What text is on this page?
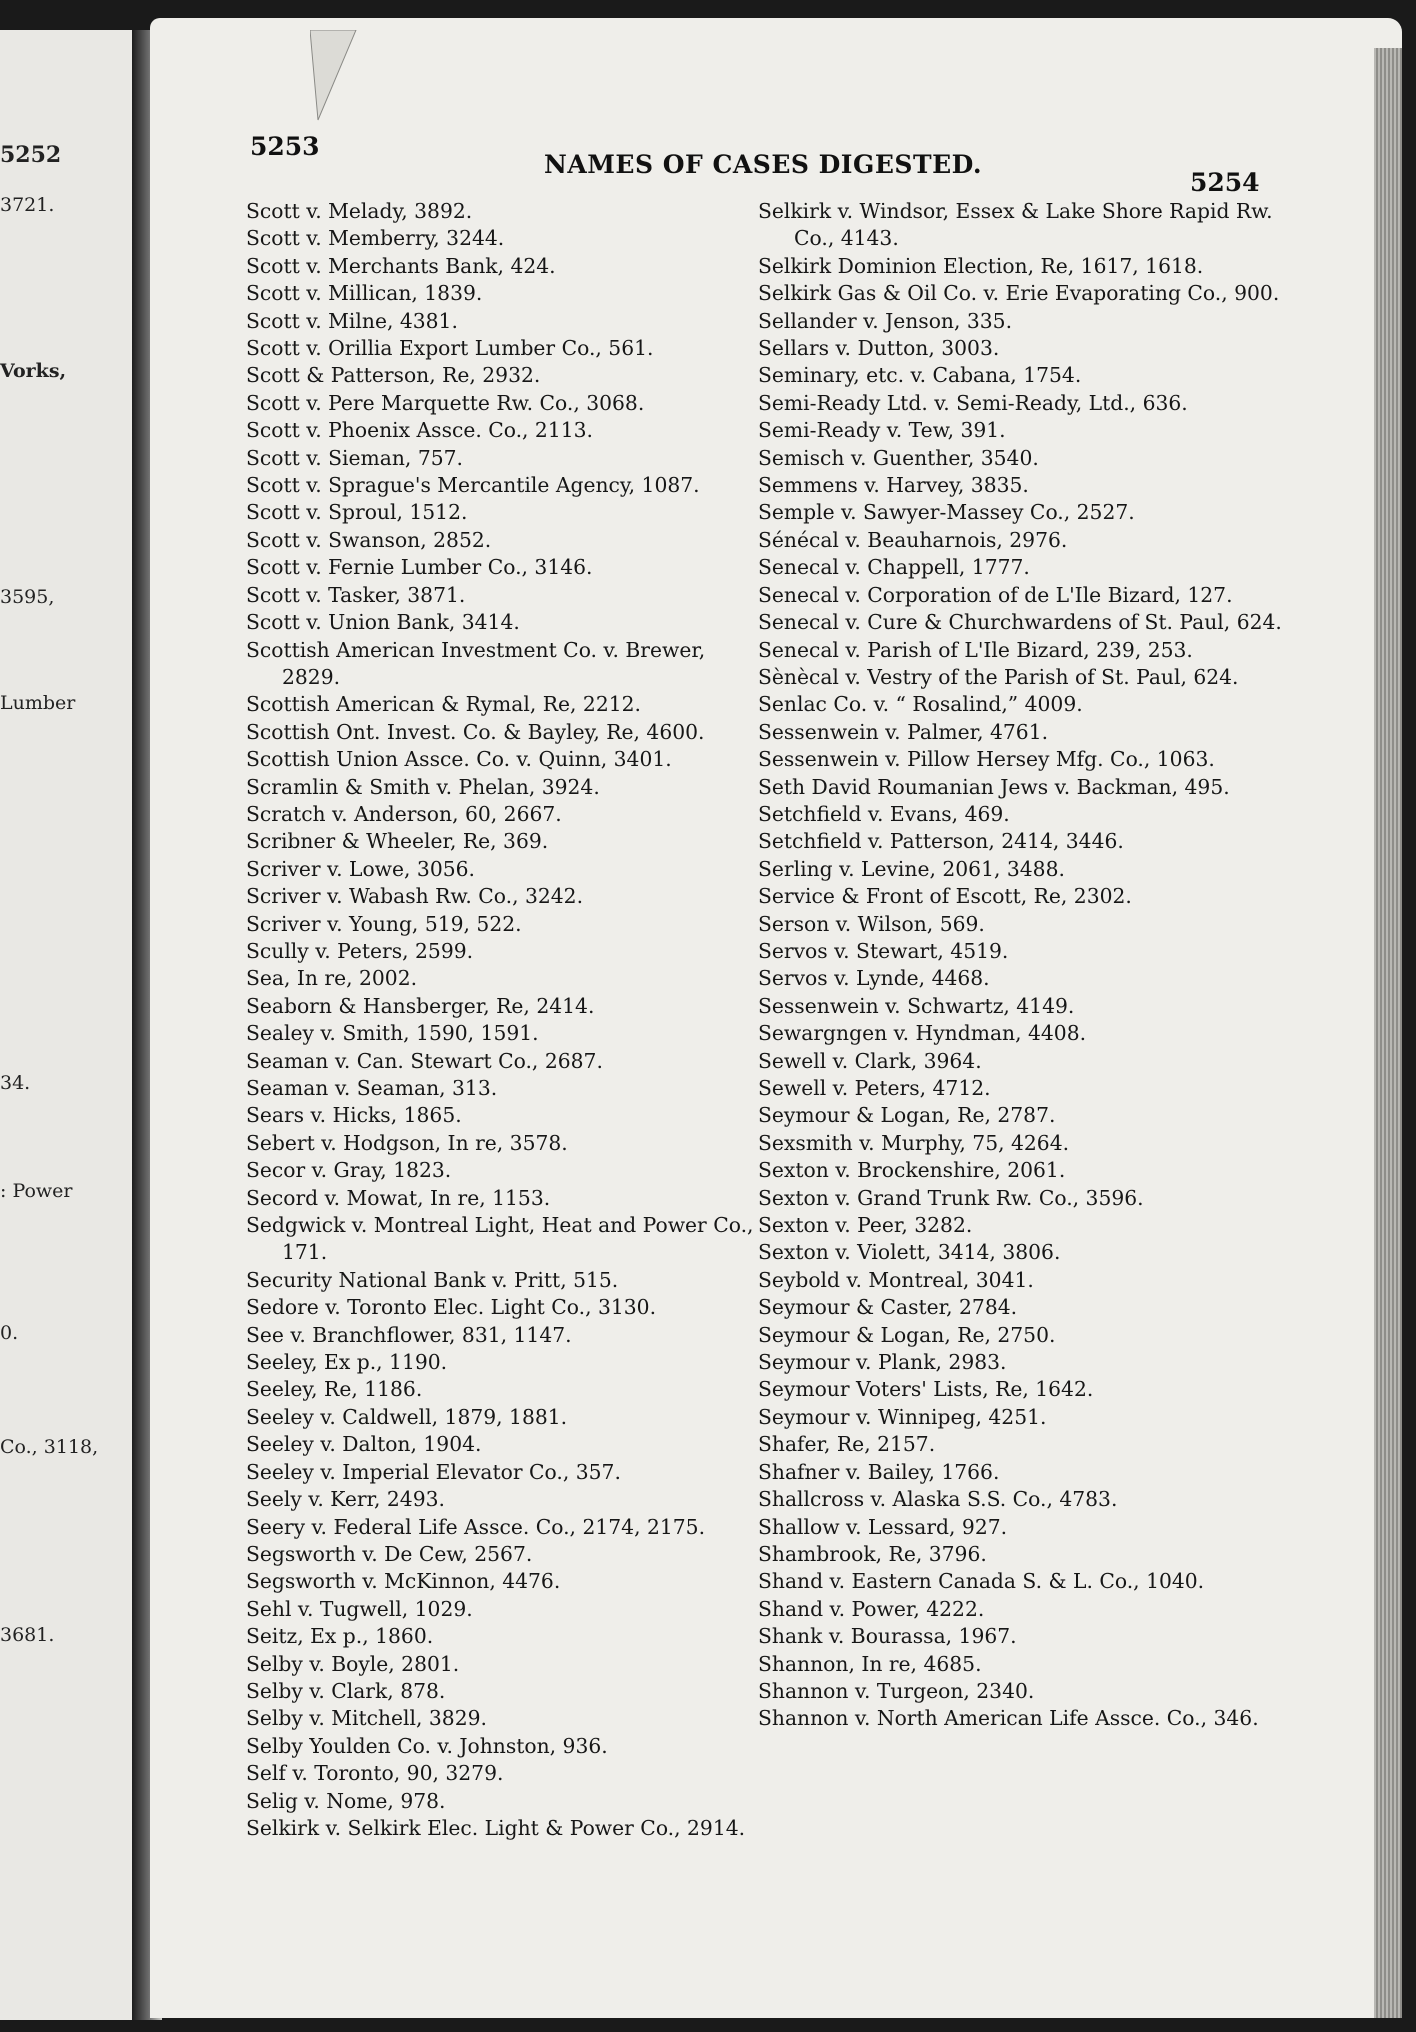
5252
3721.
Vorks,
3595,
Lumber
34.
: Power
0.
Co., 3118,
3681.
5253
NAMES OF CASES DIGESTED.
5254
Scott v. Melady, 3892.
Scott v. Memberry, 3244.
Scott v. Merchants Bank, 424.
Scott v. Millican, 1839.
Scott v. Milne, 4381.
Scott v. Orillia Export Lumber Co., 561.
Scott & Patterson, Re, 2932.
Scott v. Pere Marquette Rw. Co., 3068.
Scott v. Phoenix Assce. Co., 2113.
Scott v. Sieman, 757.
Scott v. Sprague's Mercantile Agency, 1087.
Scott v. Sproul, 1512.
Scott v. Swanson, 2852.
Scott v. Fernie Lumber Co., 3146.
Scott v. Tasker, 3871.
Scott v. Union Bank, 3414.
Scottish American Investment Co. v. Brewer, 2829.
Scottish American & Rymal, Re, 2212.
Scottish Ont. Invest. Co. & Bayley, Re, 4600.
Scottish Union Assce. Co. v. Quinn, 3401.
Scramlin & Smith v. Phelan, 3924.
Scratch v. Anderson, 60, 2667.
Scribner & Wheeler, Re, 369.
Scriver v. Lowe, 3056.
Scriver v. Wabash Rw. Co., 3242.
Scriver v. Young, 519, 522.
Scully v. Peters, 2599.
Sea, In re, 2002.
Seaborn & Hansberger, Re, 2414.
Sealey v. Smith, 1590, 1591.
Seaman v. Can. Stewart Co., 2687.
Seaman v. Seaman, 313.
Sears v. Hicks, 1865.
Sebert v. Hodgson, In re, 3578.
Secor v. Gray, 1823.
Secord v. Mowat, In re, 1153.
Sedgwick v. Montreal Light, Heat and Power Co., 171.
Security National Bank v. Pritt, 515.
Sedore v. Toronto Elec. Light Co., 3130.
See v. Branchflower, 831, 1147.
Seeley, Ex p., 1190.
Seeley, Re, 1186.
Seeley v. Caldwell, 1879, 1881.
Seeley v. Dalton, 1904.
Seeley v. Imperial Elevator Co., 357.
Seely v. Kerr, 2493.
Seery v. Federal Life Assce. Co., 2174, 2175.
Segsworth v. De Cew, 2567.
Segsworth v. McKinnon, 4476.
Sehl v. Tugwell, 1029.
Seitz, Ex p., 1860.
Selby v. Boyle, 2801.
Selby v. Clark, 878.
Selby v. Mitchell, 3829.
Selby Youlden Co. v. Johnston, 936.
Self v. Toronto, 90, 3279.
Selig v. Nome, 978.
Selkirk v. Selkirk Elec. Light & Power Co., 2914.
Selkirk v. Windsor, Essex & Lake Shore Rapid Rw. Co., 4143.
Selkirk Dominion Election, Re, 1617, 1618.
Selkirk Gas & Oil Co. v. Erie Evaporating Co., 900.
Sellander v. Jenson, 335.
Sellars v. Dutton, 3003.
Seminary, etc. v. Cabana, 1754.
Semi-Ready Ltd. v. Semi-Ready, Ltd., 636.
Semi-Ready v. Tew, 391.
Semisch v. Guenther, 3540.
Semmens v. Harvey, 3835.
Semple v. Sawyer-Massey Co., 2527.
Sénécal v. Beauharnois, 2976.
Senecal v. Chappell, 1777.
Senecal v. Corporation of de L'Ile Bizard, 127.
Senecal v. Cure & Churchwardens of St. Paul, 624.
Senecal v. Parish of L'Ile Bizard, 239, 253.
Sènècal v. Vestry of the Parish of St. Paul, 624.
Senlac Co. v. “ Rosalind,” 4009.
Sessenwein v. Palmer, 4761.
Sessenwein v. Pillow Hersey Mfg. Co., 1063.
Seth David Roumanian Jews v. Backman, 495.
Setchfield v. Evans, 469.
Setchfield v. Patterson, 2414, 3446.
Serling v. Levine, 2061, 3488.
Service & Front of Escott, Re, 2302.
Serson v. Wilson, 569.
Servos v. Stewart, 4519.
Servos v. Lynde, 4468.
Sessenwein v. Schwartz, 4149.
Sewargngen v. Hyndman, 4408.
Sewell v. Clark, 3964.
Sewell v. Peters, 4712.
Seymour & Logan, Re, 2787.
Sexsmith v. Murphy, 75, 4264.
Sexton v. Brockenshire, 2061.
Sexton v. Grand Trunk Rw. Co., 3596.
Sexton v. Peer, 3282.
Sexton v. Violett, 3414, 3806.
Seybold v. Montreal, 3041.
Seymour & Caster, 2784.
Seymour & Logan, Re, 2750.
Seymour v. Plank, 2983.
Seymour Voters' Lists, Re, 1642.
Seymour v. Winnipeg, 4251.
Shafer, Re, 2157.
Shafner v. Bailey, 1766.
Shallcross v. Alaska S.S. Co., 4783.
Shallow v. Lessard, 927.
Shambrook, Re, 3796.
Shand v. Eastern Canada S. & L. Co., 1040.
Shand v. Power, 4222.
Shank v. Bourassa, 1967.
Shannon, In re, 4685.
Shannon v. Turgeon, 2340.
Shannon v. North American Life Assce. Co., 346.
